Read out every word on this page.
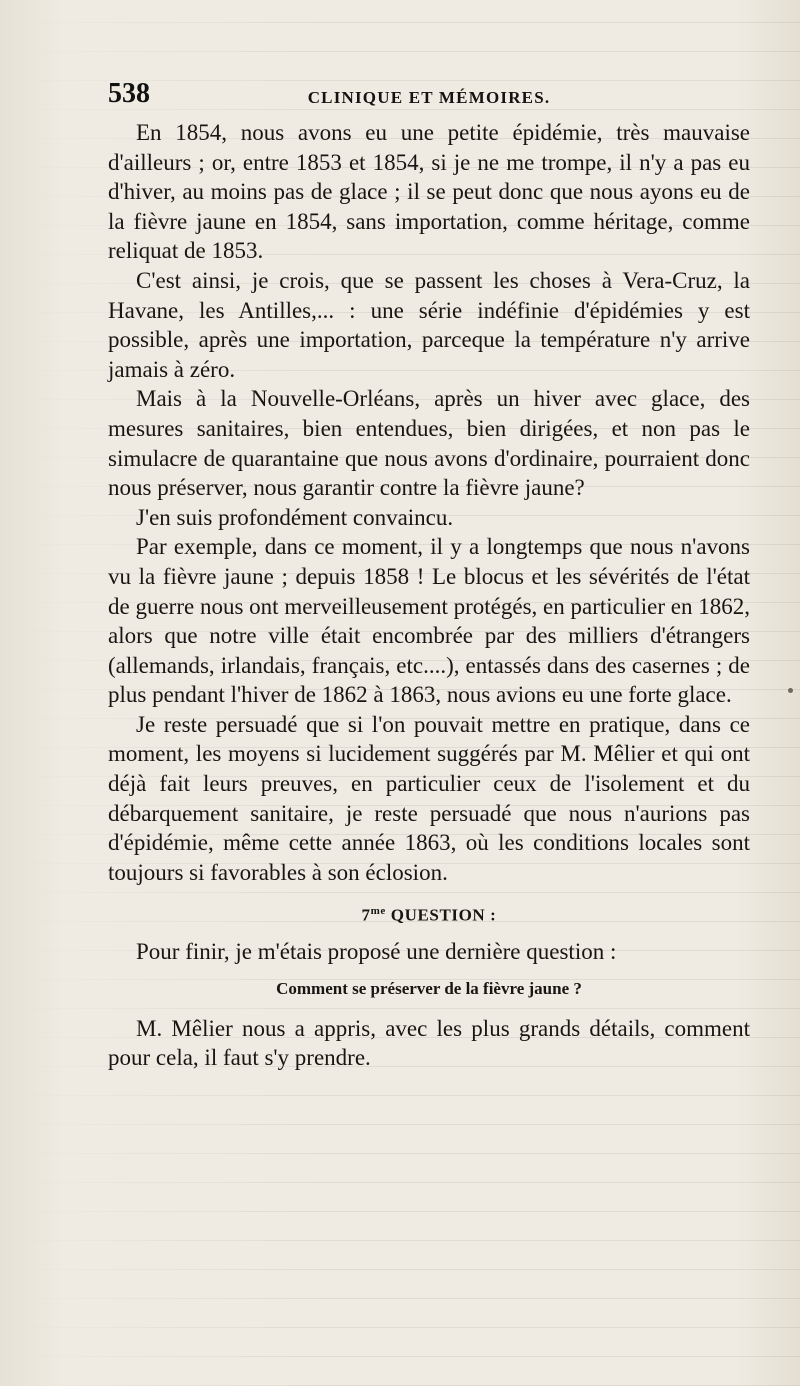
538	CLINIQUE ET MÉMOIRES.

En 1854, nous avons eu une petite épidémie, très mauvaise d'ailleurs ; or, entre 1853 et 1854, si je ne me trompe, il n'y a pas eu d'hiver, au moins pas de glace ; il se peut donc que nous ayons eu de la fièvre jaune en 1854, sans importation, comme héritage, comme reliquat de 1853.

C'est ainsi, je crois, que se passent les choses à Vera-Cruz, la Havane, les Antilles,... : une série indéfinie d'épidémies y est possible, après une importation, parceque la température n'y arrive jamais à zéro.

Mais à la Nouvelle-Orléans, après un hiver avec glace, des mesures sanitaires, bien entendues, bien dirigées, et non pas le simulacre de quarantaine que nous avons d'ordinaire, pourraient donc nous préserver, nous garantir contre la fièvre jaune?

J'en suis profondément convaincu.

Par exemple, dans ce moment, il y a longtemps que nous n'avons vu la fièvre jaune ; depuis 1858 ! Le blocus et les sévérités de l'état de guerre nous ont merveilleusement protégés, en particulier en 1862, alors que notre ville était encombrée par des milliers d'étrangers (allemands, irlandais, français, etc....), entassés dans des casernes ; de plus pendant l'hiver de 1862 à 1863, nous avions eu une forte glace.

Je reste persuadé que si l'on pouvait mettre en pratique, dans ce moment, les moyens si lucidement suggérés par M. Mêlier et qui ont déjà fait leurs preuves, en particulier ceux de l'isolement et du débarquement sanitaire, je reste persuadé que nous n'aurions pas d'épidémie, même cette année 1863, où les conditions locales sont toujours si favorables à son éclosion.

$7^{me}$ QUESTION :

Pour finir, je m'étais proposé une dernière question :

Comment se préserver de la fièvre jaune ?

M. Mêlier nous a appris, avec les plus grands détails, comment pour cela, il faut s'y prendre.
